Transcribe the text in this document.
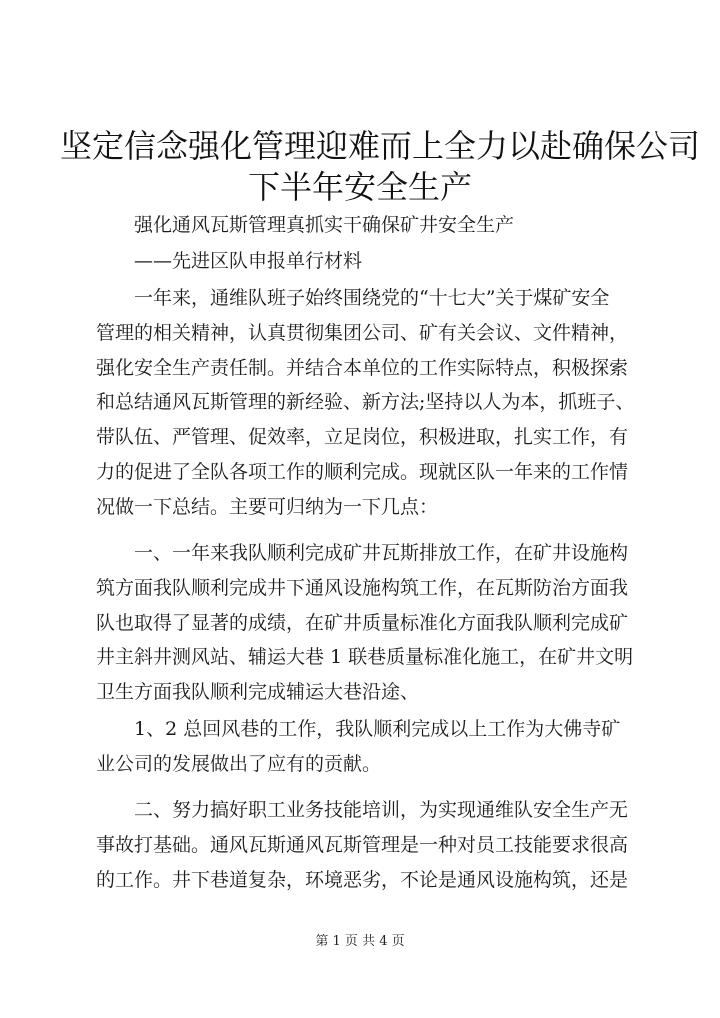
坚定信念强化管理迎难而上全力以赴确保公司
下半年安全生产

强化通风瓦斯管理真抓实干确保矿井安全生产

——先进区队申报单行材料

一年来，通维队班子始终围绕党的“十七大”关于煤矿安全

管理的相关精神，认真贯彻集团公司、矿有关会议、文件精神，

强化安全生产责任制。并结合本单位的工作实际特点，积极探索

和总结通风瓦斯管理的新经验、新方法;坚持以人为本，抓班子、

带队伍、严管理、促效率，立足岗位，积极进取，扎实工作，有

力的促进了全队各项工作的顺利完成。现就区队一年来的工作情

况做一下总结。主要可归纳为一下几点：

一、一年来我队顺利完成矿井瓦斯排放工作，在矿井设施构

筑方面我队顺利完成井下通风设施构筑工作，在瓦斯防治方面我

队也取得了显著的成绩，在矿井质量标准化方面我队顺利完成矿

井主斜井测风站、辅运大巷 1 联巷质量标准化施工，在矿井文明

卫生方面我队顺利完成辅运大巷沿途、

1、2 总回风巷的工作，我队顺利完成以上工作为大佛寺矿

业公司的发展做出了应有的贡献。

二、努力搞好职工业务技能培训，为实现通维队安全生产无

事故打基础。通风瓦斯通风瓦斯管理是一种对员工技能要求很高

的工作。井下巷道复杂，环境恶劣，不论是通风设施构筑，还是

第 1 页 共 4 页
